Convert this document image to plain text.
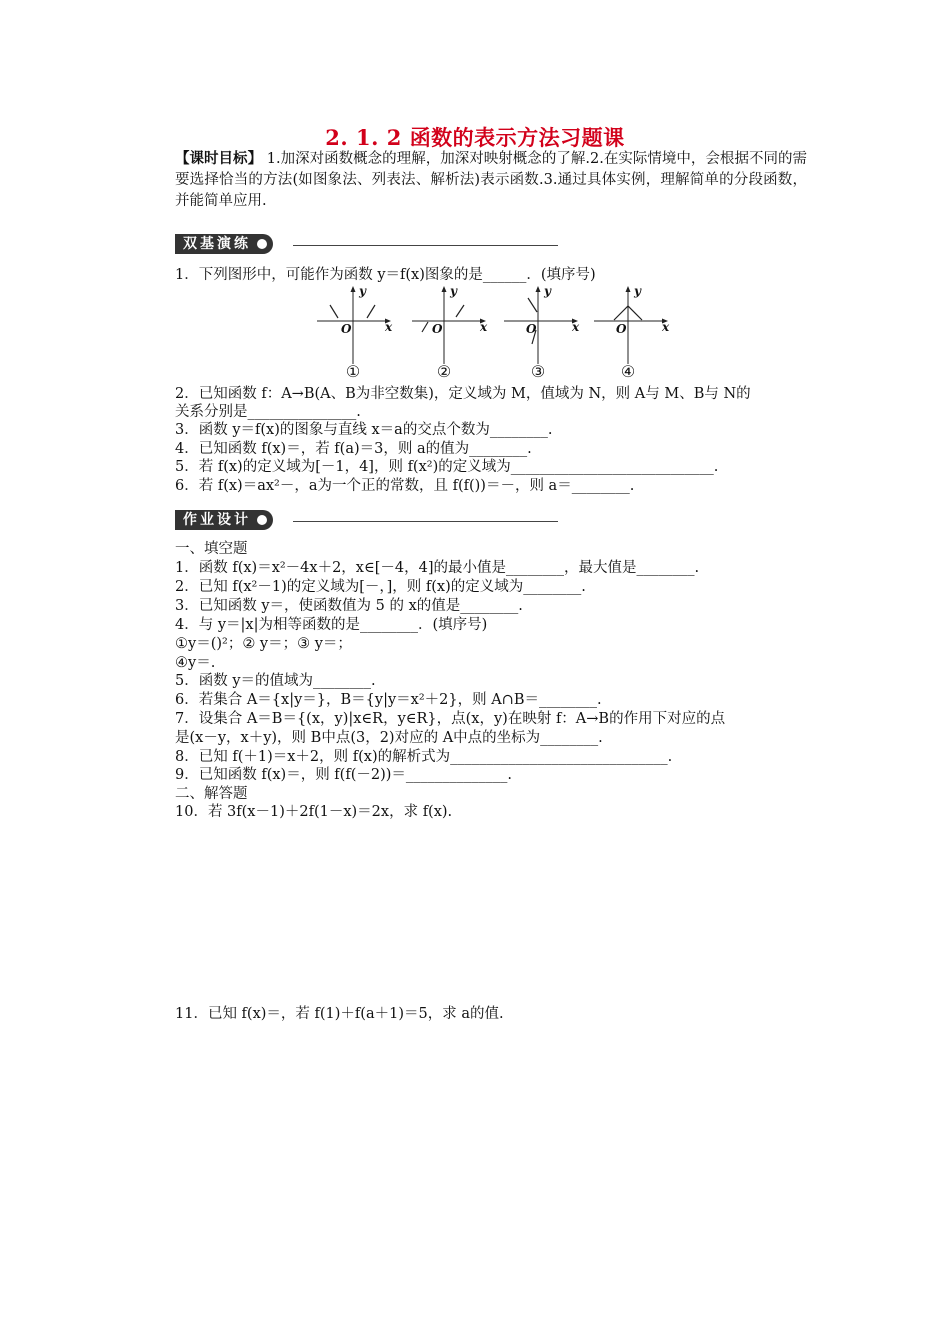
2. 1. 2 函数的表示方法习题课
【课时目标】 1.加深对函数概念的理解，加深对映射概念的了解.2.在实际情境中，会根据不同的需要选择恰当的方法(如图象法、列表法、解析法)表示函数.3.通过具体实例，理解简单的分段函数，并能简单应用.
双基演练
1．下列图形中，可能作为函数 y＝f(x)图象的是______．(填序号)
O	x
y
①
O	x
y
②
O	x
y
③
O	x
y
④
2．已知函数 f：A→B(A、B为非空数集)，定义域为 M，值域为 N，则 A与 M、B与 N的
关系分别是_______________.
3．函数 y＝f(x)的图象与直线 x＝a的交点个数为________.
4．已知函数 f(x)＝，若 f(a)＝3，则 a的值为________.
5．若 f(x)的定义域为[－1，4]，则 f(x²)的定义域为____________________________.
6．若 f(x)＝ax²－，a为一个正的常数，且 f(f())＝－，则 a＝________.
作业设计
一、填空题
1．函数 f(x)＝x²－4x＋2，x∈[－4，4]的最小值是________，最大值是________.
2．已知 f(x²－1)的定义域为[－，]，则 f(x)的定义域为________.
3．已知函数 y＝，使函数值为 5 的 x的值是________.
4．与 y＝|x|为相等函数的是________．(填序号)
①y＝()²；② y＝；③ y＝；
④y＝.
5．函数 y＝的值域为________.
6．若集合 A＝{x|y＝}，B＝{y|y＝x²＋2}，则 A∩B＝________.
7．设集合 A＝B＝{(x，y)|x∈R，y∈R}，点(x，y)在映射 f：A→B的作用下对应的点
是(x－y，x＋y)，则 B中点(3，2)对应的 A中点的坐标为________.
8．已知 f(＋1)＝x＋2，则 f(x)的解析式为______________________________.
9．已知函数 f(x)＝，则 f(f(－2))＝______________.
二、解答题
10．若 3f(x－1)＋2f(1－x)＝2x，求 f(x).
11．已知 f(x)＝，若 f(1)＋f(a＋1)＝5，求 a的值.
